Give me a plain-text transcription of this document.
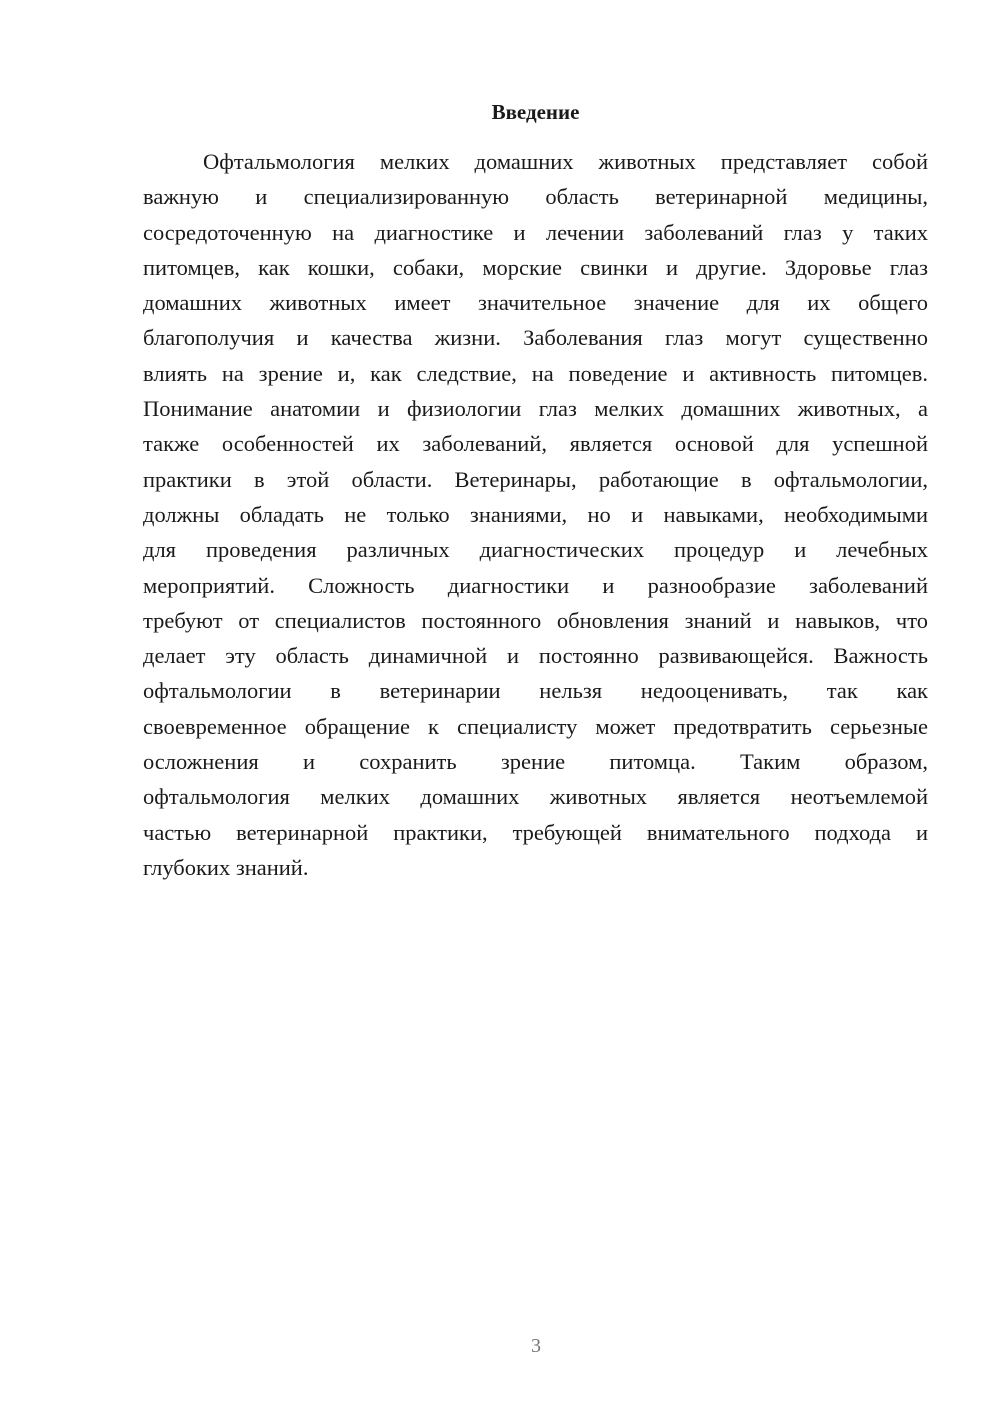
Введение
Офтальмология мелких домашних животных представляет собой
важную и специализированную область ветеринарной медицины,
сосредоточенную на диагностике и лечении заболеваний глаз у таких
питомцев, как кошки, собаки, морские свинки и другие. Здоровье глаз
домашних животных имеет значительное значение для их общего
благополучия и качества жизни. Заболевания глаз могут существенно
влиять на зрение и, как следствие, на поведение и активность питомцев.
Понимание анатомии и физиологии глаз мелких домашних животных, а
также особенностей их заболеваний, является основой для успешной
практики в этой области. Ветеринары, работающие в офтальмологии,
должны обладать не только знаниями, но и навыками, необходимыми
для проведения различных диагностических процедур и лечебных
мероприятий. Сложность диагностики и разнообразие заболеваний
требуют от специалистов постоянного обновления знаний и навыков, что
делает эту область динамичной и постоянно развивающейся. Важность
офтальмологии в ветеринарии нельзя недооценивать, так как
своевременное обращение к специалисту может предотвратить серьезные
осложнения и сохранить зрение питомца. Таким образом,
офтальмология мелких домашних животных является неотъемлемой
частью ветеринарной практики, требующей внимательного подхода и
глубоких знаний.
3
